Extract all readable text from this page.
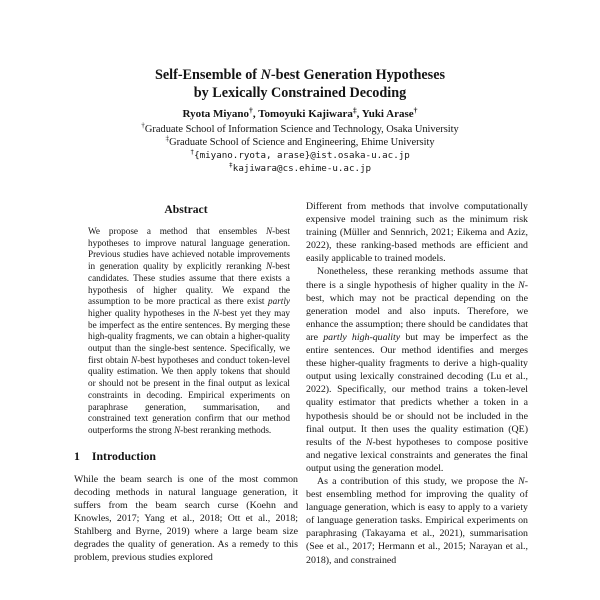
Self-Ensemble of N-best Generation Hypotheses
by Lexically Constrained Decoding
Ryota Miyano†, Tomoyuki Kajiwara‡, Yuki Arase†
†Graduate School of Information Science and Technology, Osaka University
‡Graduate School of Science and Engineering, Ehime University
†{miyano.ryota, arase}@ist.osaka-u.ac.jp
‡kajiwara@cs.ehime-u.ac.jp
Abstract

We propose a method that ensembles N-best hypotheses to improve natural language generation. Previous studies have achieved notable improvements in generation quality by explicitly reranking N-best candidates. These studies assume that there exists a hypothesis of higher quality. We expand the assumption to be more practical as there exist partly higher quality hypotheses in the N-best yet they may be imperfect as the entire sentences. By merging these high-quality fragments, we can obtain a higher-quality output than the single-best sentence. Specifically, we first obtain N-best hypotheses and conduct token-level quality estimation. We then apply tokens that should or should not be present in the final output as lexical constraints in decoding. Empirical experiments on paraphrase generation, summarisation, and constrained text generation confirm that our method outperforms the strong N-best reranking methods.

1 Introduction

While the beam search is one of the most common decoding methods in natural language generation, it suffers from the beam search curse (Koehn and Knowles, 2017; Yang et al., 2018; Ott et al., 2018; Stahlberg and Byrne, 2019) where a large beam size degrades the quality of generation. As a remedy to this problem, previous studies explored

Different from methods that involve computationally expensive model training such as the minimum risk training (Müller and Sennrich, 2021; Eikema and Aziz, 2022), these ranking-based methods are efficient and easily applicable to trained models.

Nonetheless, these reranking methods assume that there is a single hypothesis of higher quality in the N-best, which may not be practical depending on the generation model and also inputs. Therefore, we enhance the assumption; there should be candidates that are partly high-quality but may be imperfect as the entire sentences. Our method identifies and merges these higher-quality fragments to derive a high-quality output using lexically constrained decoding (Lu et al., 2022). Specifically, our method trains a token-level quality estimator that predicts whether a token in a hypothesis should be or should not be included in the final output. It then uses the quality estimation (QE) results of the N-best hypotheses to compose positive and negative lexical constraints and generates the final output using the generation model.

As a contribution of this study, we propose the N-best ensembling method for improving the quality of language generation, which is easy to apply to a variety of language generation tasks. Empirical experiments on paraphrasing (Takayama et al., 2021), summarisation (See et al., 2017; Hermann et al., 2015; Narayan et al., 2018), and constrained
